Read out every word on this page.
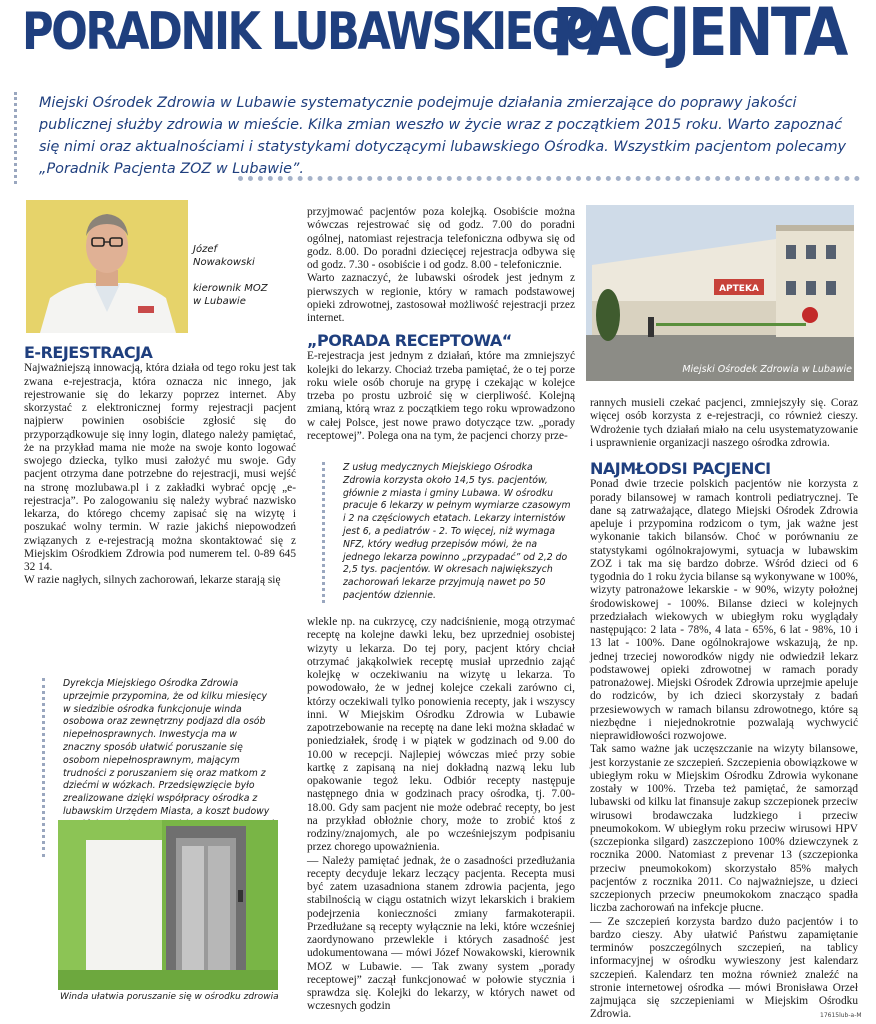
PORADNIK LUBAWSKIEGO
PACJENTA

Miejski Ośrodek Zdrowia w Lubawie systematycznie podejmuje działania zmierzające do poprawy jakości publicznej służby zdrowia w mieście. Kilka zmian weszło w życie wraz z początkiem 2015 roku. Warto zapoznać się nimi oraz aktualnościami i statystykami dotyczącymi lubawskiego Ośrodka. Wszystkim pacjentom polecamy „Poradnik Pacjenta ZOZ w Lubawie”.

Józef
Nowakowski
kierownik MOZ
w Lubawie
E-REJESTRACJA

Najważniejszą innowacją, która działa od tego roku jest tak zwana e-rejestracja, która oznacza nic innego, jak rejestrowanie się do lekarzy poprzez internet. Aby skorzystać z elektronicznej formy rejestracji pacjent najpierw powinien osobiście zgłosić się do przyporządkowuje się inny login, dlatego należy pamiętać, że na przykład mama nie może na swoje konto logować swojego dziecka, tylko musi założyć mu swoje. Gdy pacjent otrzyma dane potrzebne do rejestracji, musi wejść na stronę mozlubawa.pl i z zakładki wybrać opcję „e-rejestracja”. Po zalogowaniu się należy wybrać nazwisko lekarza, do którego chcemy zapisać się na wizytę i poszukać wolny termin. W razie jakichś niepowodzeń związanych z e-rejestracją można skontaktować się z Miejskim Ośrodkiem Zdrowia pod numerem tel. 0-89 645 32 14.

W razie nagłych, silnych zachorowań, lekarze starają się

Dyrekcja Miejskiego Ośrodka Zdrowia uprzejmie przypomina, że od kilku miesięcy w siedzibie ośrodka funkcjonuje winda osobowa oraz zewnętrzny podjazd dla osób niepełnosprawnych. Inwestycja ma w znaczny sposób ułatwić poruszanie się osobom niepełnosprawnym, mającym trudności z poruszaniem się oraz matkom z dziećmi w wózkach. Przedsięwzięcie było zrealizowane dzięki współpracy ośrodka z lubawskim Urzędem Miasta, a koszt budowy

Winda ułatwia poruszanie się w ośrodku zdrowia

przyjmować pacjentów poza kolejką. Osobiście można wówczas rejestrować się od godz. 7.00 do poradni ogólnej, natomiast rejestracja telefoniczna odbywa się od godz. 8.00. Do poradni dziecięcej rejestracja odbywa się od godz. 7.30 - osobiście i od godz. 8.00 - telefonicznie.

Warto zaznaczyć, że lubawski ośrodek jest jednym z pierwszych w regionie, który w ramach podstawowej opieki zdrowotnej, zastosował możliwość rejestracji przez internet.

„PORADA RECEPTOWA“

E-rejestracja jest jednym z działań, które ma zmniejszyć kolejki do lekarzy. Chociaż trzeba pamiętać, że o tej porze roku wiele osób choruje na grypę i czekając w kolejce trzeba po prostu uzbroić się w cierpliwość. Kolejną zmianą, którą wraz z początkiem tego roku wprowadzono w całej Polsce, jest nowe prawo dotyczące tzw. „porady receptowej”. Polega ona na tym, że pacjenci chorzy prze-

Z usług medycznych Miejskiego Ośrodka Zdrowia korzysta około 14,5 tys. pacjentów, głównie z miasta i gminy Lubawa. W ośrodku pracuje 6 lekarzy w pełnym wymiarze czasowym i 2 na częściowych etatach. Lekarzy internistów jest 6, a pediatrów - 2. To więcej, niż wymaga NFZ, który według przepisów mówi, że na jednego lekarza powinno „przypadać” od 2,2 do 2,5 tys. pacjentów. W okresach największych zachorowań lekarze przyjmują nawet po 50 pacjentów dziennie.

wlekle np. na cukrzycę, czy nadciśnienie, mogą otrzymać receptę na kolejne dawki leku, bez uprzedniej osobistej wizyty u lekarza. Do tej pory, pacjent który chciał otrzymać jakąkolwiek receptę musiał uprzednio zająć kolejkę w oczekiwaniu na wizytę u lekarza. To powodowało, że w jednej kolejce czekali zarówno ci, którzy oczekiwali tylko ponowienia recepty, jak i wszyscy inni. W Miejskim Ośrodku Zdrowia w Lubawie zapotrzebowanie na receptę na dane leki można składać w poniedziałek, środę i w piątek w godzinach od 9.00 do 10.00 w recepcji. Najlepiej wówczas mieć przy sobie kartkę z zapisaną na niej dokładną nazwą leku lub opakowanie tegoż leku. Odbiór recepty następuje następnego dnia w godzinach pracy ośrodka, tj. 7.00-18.00. Gdy sam pacjent nie może odebrać recepty, bo jest na przykład obłożnie chory, może to zrobić ktoś z rodziny/znajomych, ale po wcześniejszym podpisaniu przez chorego upoważnienia.

— Należy pamiętać jednak, że o zasadności przedłużania recepty decyduje lekarz leczący pacjenta. Recepta musi być zatem uzasadniona stanem zdrowia pacjenta, jego stabilnością w ciągu ostatnich wizyt lekarskich i brakiem podejrzenia konieczności zmiany farmakoterapii. Przedłużane są recepty wyłącznie na leki, które wcześniej zaordynowano przewlekle i których zasadność jest udokumentowana — mówi Józef Nowakowski, kierownik MOZ w Lubawie. — Tak zwany system „porady receptowej” zaczął funkcjonować w połowie stycznia i sprawdza się. Kolejki do lekarzy, w których nawet od wczesnych godzin

APTEKA
Miejski Ośrodek Zdrowia w Lubawie

rannych musieli czekać pacjenci, zmniejszyły się. Coraz więcej osób korzysta z e-rejestracji, co również cieszy. Wdrożenie tych działań miało na celu usystematyzowanie i usprawnienie organizacji naszego ośrodka zdrowia.

NAJMŁODSI PACJENCI

Ponad dwie trzecie polskich pacjentów nie korzysta z porady bilansowej w ramach kontroli pediatrycznej. Te dane są zatrważające, dlatego Miejski Ośrodek Zdrowia apeluje i przypomina rodzicom o tym, jak ważne jest wykonanie takich bilansów. Choć w porównaniu ze statystykami ogólnokrajowymi, sytuacja w lubawskim ZOZ i tak ma się bardzo dobrze. Wśród dzieci od 6 tygodnia do 1 roku życia bilanse są wykonywane w 100%, wizyty patronażowe lekarskie - w 90%, wizyty położnej środowiskowej - 100%. Bilanse dzieci w kolejnych przedziałach wiekowych w ubiegłym roku wyglądały następująco: 2 lata - 78%, 4 lata - 65%, 6 lat - 98%, 10 i 13 lat - 100%. Dane ogólnokrajowe wskazują, że np. jednej trzeciej noworodków nigdy nie odwiedził lekarz podstawowej opieki zdrowotnej w ramach porady patronażowej. Miejski Ośrodek Zdrowia uprzejmie apeluje do rodziców, by ich dzieci skorzystały z badań przesiewowych w ramach bilansu zdrowotnego, które są niezbędne i niejednokrotnie pozwalają wychwycić nieprawidłowości rozwojowe.

Tak samo ważne jak uczęszczanie na wizyty bilansowe, jest korzystanie ze szczepień. Szczepienia obowiązkowe w ubiegłym roku w Miejskim Ośrodku Zdrowia wykonane zostały w 100%. Trzeba też pamiętać, że samorząd lubawski od kilku lat finansuje zakup szczepionek przeciw wirusowi brodawczaka ludzkiego i przeciw pneumokokom. W ubiegłym roku przeciw wirusowi HPV (szczepionka silgard) zaszczepiono 100% dziewczynek z rocznika 2000. Natomiast z prevenar 13 (szczepionka przeciw pneumokokom) skorzystało 85% małych pacjentów z rocznika 2011. Co najważniejsze, u dzieci szczepionych przeciw pneumokokom znacząco spadła liczba zachorowań na infekcje płucne.

— Ze szczepień korzysta bardzo dużo pacjentów i to bardzo cieszy. Aby ułatwić Państwu zapamiętanie terminów poszczególnych szczepień, na tablicy informacyjnej w ośrodku wywieszony jest kalendarz szczepień. Kalendarz ten można również znaleźć na stronie internetowej ośrodka — mówi Bronisława Orzeł zajmująca się szczepieniami w Miejskim Ośrodku Zdrowia.	17615lub-a-M
